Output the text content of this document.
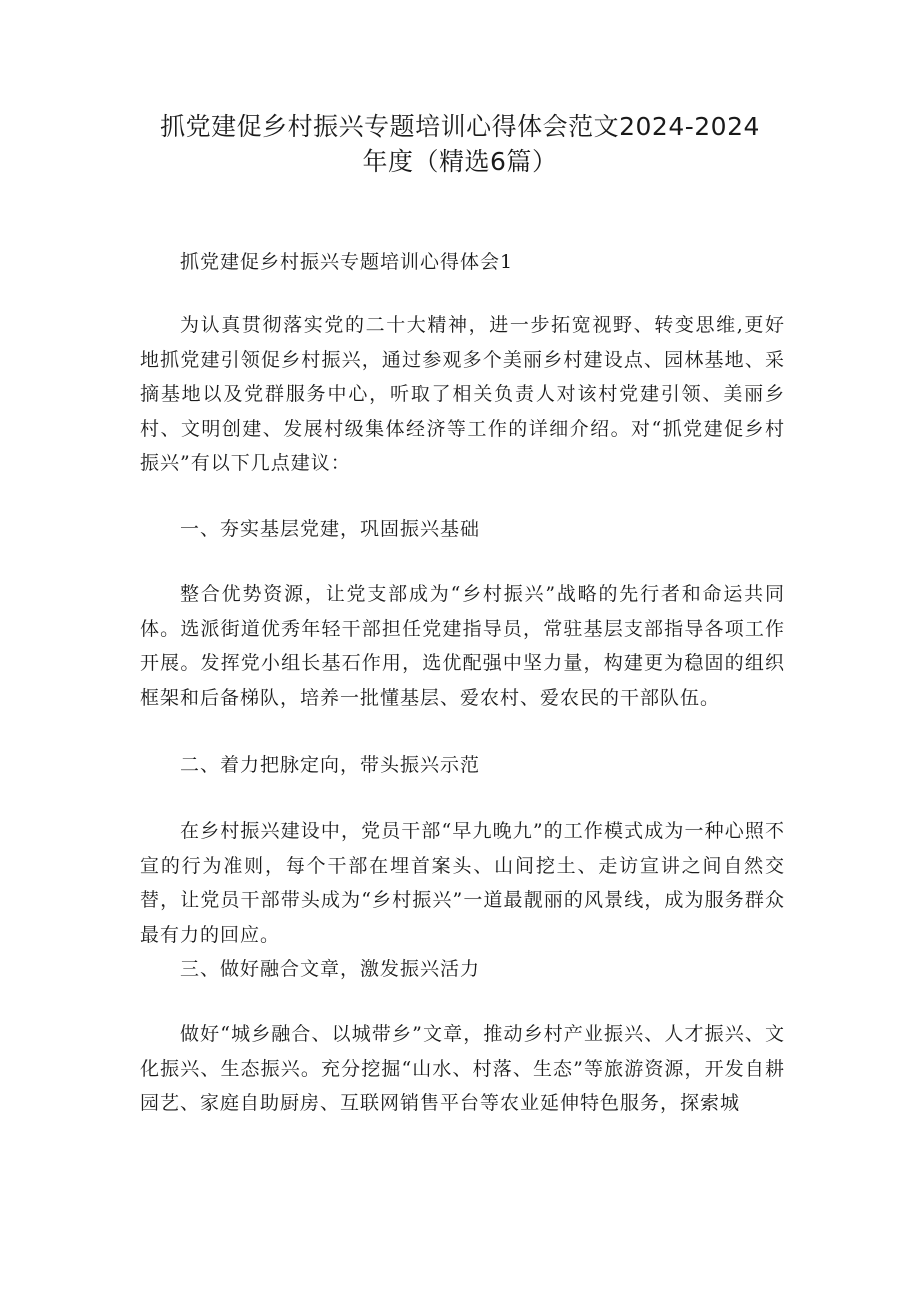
抓党建促乡村振兴专题培训心得体会范文2024-2024
年度（精选6篇）

抓党建促乡村振兴专题培训心得体会1

为认真贯彻落实党的二十大精神，进一步拓宽视野、转变思维,更好地抓党建引领促乡村振兴，通过参观多个美丽乡村建设点、园林基地、采摘基地以及党群服务中心，听取了相关负责人对该村党建引领、美丽乡村、文明创建、发展村级集体经济等工作的详细介绍。对“抓党建促乡村振兴”有以下几点建议：

一、夯实基层党建，巩固振兴基础

整合优势资源，让党支部成为“乡村振兴”战略的先行者和命运共同体。选派街道优秀年轻干部担任党建指导员，常驻基层支部指导各项工作开展。发挥党小组长基石作用，选优配强中坚力量，构建更为稳固的组织框架和后备梯队，培养一批懂基层、爱农村、爱农民的干部队伍。

二、着力把脉定向，带头振兴示范

在乡村振兴建设中，党员干部“早九晚九”的工作模式成为一种心照不宣的行为准则，每个干部在埋首案头、山间挖土、走访宣讲之间自然交替，让党员干部带头成为“乡村振兴”一道最靓丽的风景线，成为服务群众最有力的回应。

三、做好融合文章，激发振兴活力

做好“城乡融合、以城带乡”文章，推动乡村产业振兴、人才振兴、文化振兴、生态振兴。充分挖掘“山水、村落、生态”等旅游资源，开发自耕园艺、家庭自助厨房、互联网销售平台等农业延伸特色服务，探索城
